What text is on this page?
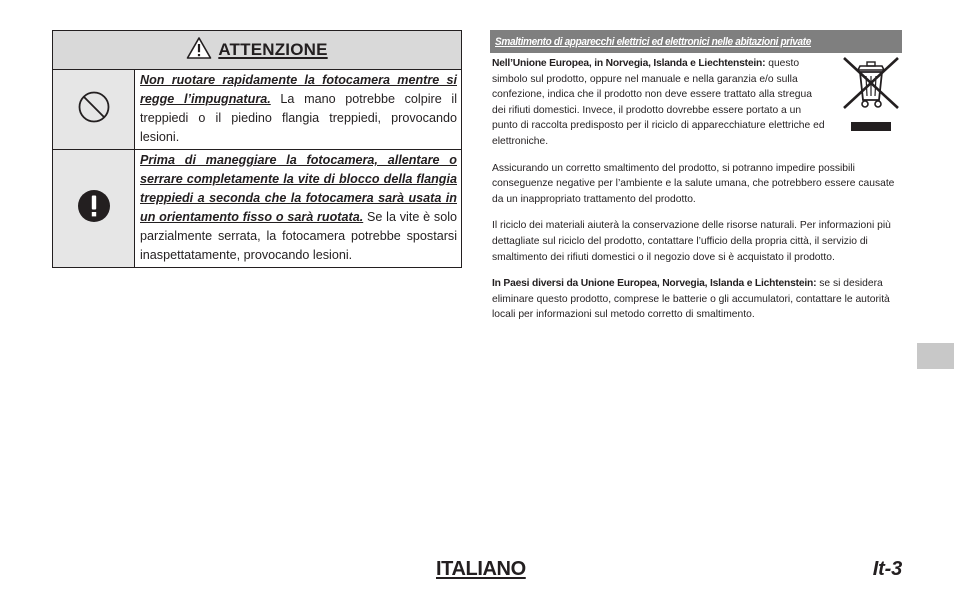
ATTENZIONE
Non ruotare rapidamente la fotocamera mentre si regge l’impugnatura. La mano potrebbe colpire il treppiedi o il piedino flangia treppiedi, provocando lesioni.
Prima di maneggiare la fotocamera, allentare o serrare completamente la vite di blocco della flangia treppiedi a seconda che la fotocamera sarà usata in un orientamento fisso o sarà ruotata. Se la vite è solo parzialmente serrata, la fotocamera potrebbe spostarsi inaspettatamente, provocando lesioni.
Smaltimento di apparecchi elettrici ed elettronici nelle abitazioni private

Nell’Unione Europea, in Norvegia, Islanda e Liechtenstein: questo simbolo sul prodotto, oppure nel manuale e nella garanzia e/o sulla confezione, indica che il prodotto non deve essere trattato alla stregua dei rifiuti domestici. Invece, il prodotto dovrebbe essere portato a un punto di raccolta predisposto per il riciclo di apparecchiature elettriche ed elettroniche.

Assicurando un corretto smaltimento del prodotto, si potranno impedire possibili conseguenze negative per l’ambiente e la salute umana, che potrebbero essere causate da un inappropriato trattamento del prodotto.

Il riciclo dei materiali aiuterà la conservazione delle risorse naturali. Per informazioni più dettagliate sul riciclo del prodotto, contattare l’ufficio della propria città, il servizio di smaltimento dei rifiuti domestici o il negozio dove si è acquistato il prodotto.

In Paesi diversi da Unione Europea, Norvegia, Islanda e Lichtenstein: se si desidera eliminare questo prodotto, comprese le batterie o gli accumulatori, contattare le autorità locali per informazioni sul metodo corretto di smaltimento.

ITALIANO	It-3
